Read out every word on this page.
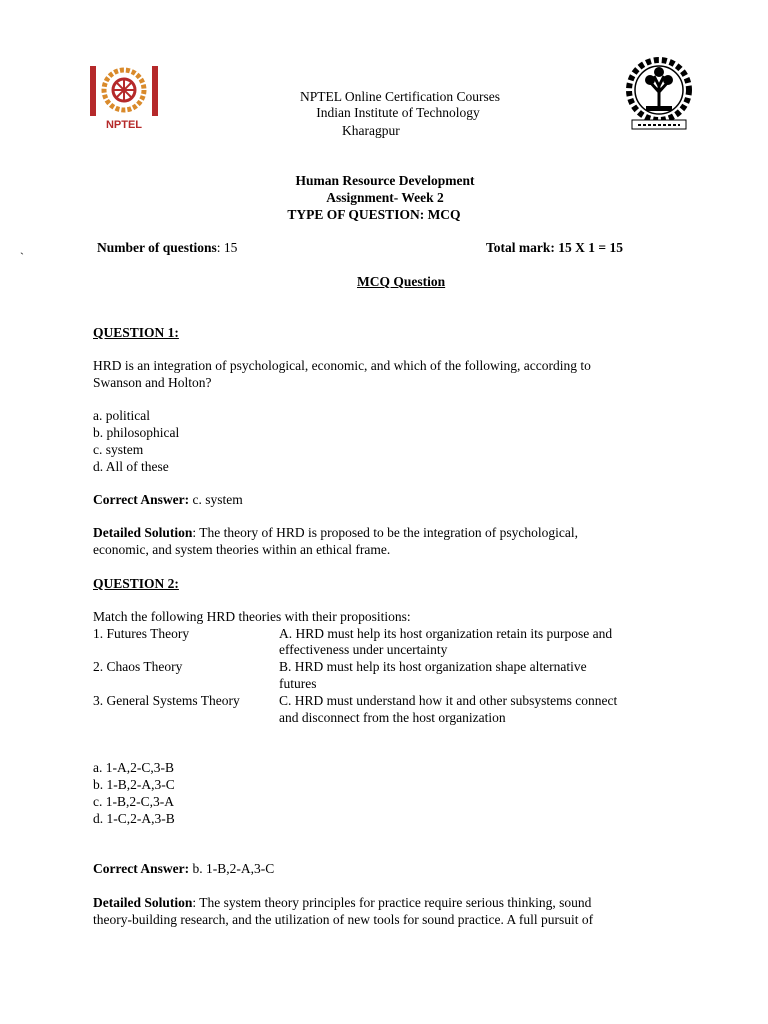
NPTEL
NPTEL Online Certification Courses
Indian Institute of Technology
Kharagpur
Human Resource Development
Assignment- Week 2
TYPE OF QUESTION: MCQ
`
Number of questions: 15	Total mark: 15 X 1 = 15
MCQ Question
QUESTION 1:
HRD is an integration of psychological, economic, and which of the following, according to
Swanson and Holton?
a. political
b. philosophical
c. system
d. All of these
Correct Answer: c. system
Detailed Solution: The theory of HRD is proposed to be the integration of psychological,
economic, and system theories within an ethical frame.
QUESTION 2:
Match the following HRD theories with their propositions:
1. Futures Theory	A. HRD must help its host organization retain its purpose and
effectiveness under uncertainty
2. Chaos Theory	B. HRD must help its host organization shape alternative
futures
3. General Systems Theory	C. HRD must understand how it and other subsystems connect
and disconnect from the host organization
a. 1-A,2-C,3-B
b. 1-B,2-A,3-C
c. 1-B,2-C,3-A
d. 1-C,2-A,3-B
Correct Answer: b. 1-B,2-A,3-C
Detailed Solution: The system theory principles for practice require serious thinking, sound
theory-building research, and the utilization of new tools for sound practice. A full pursuit of
